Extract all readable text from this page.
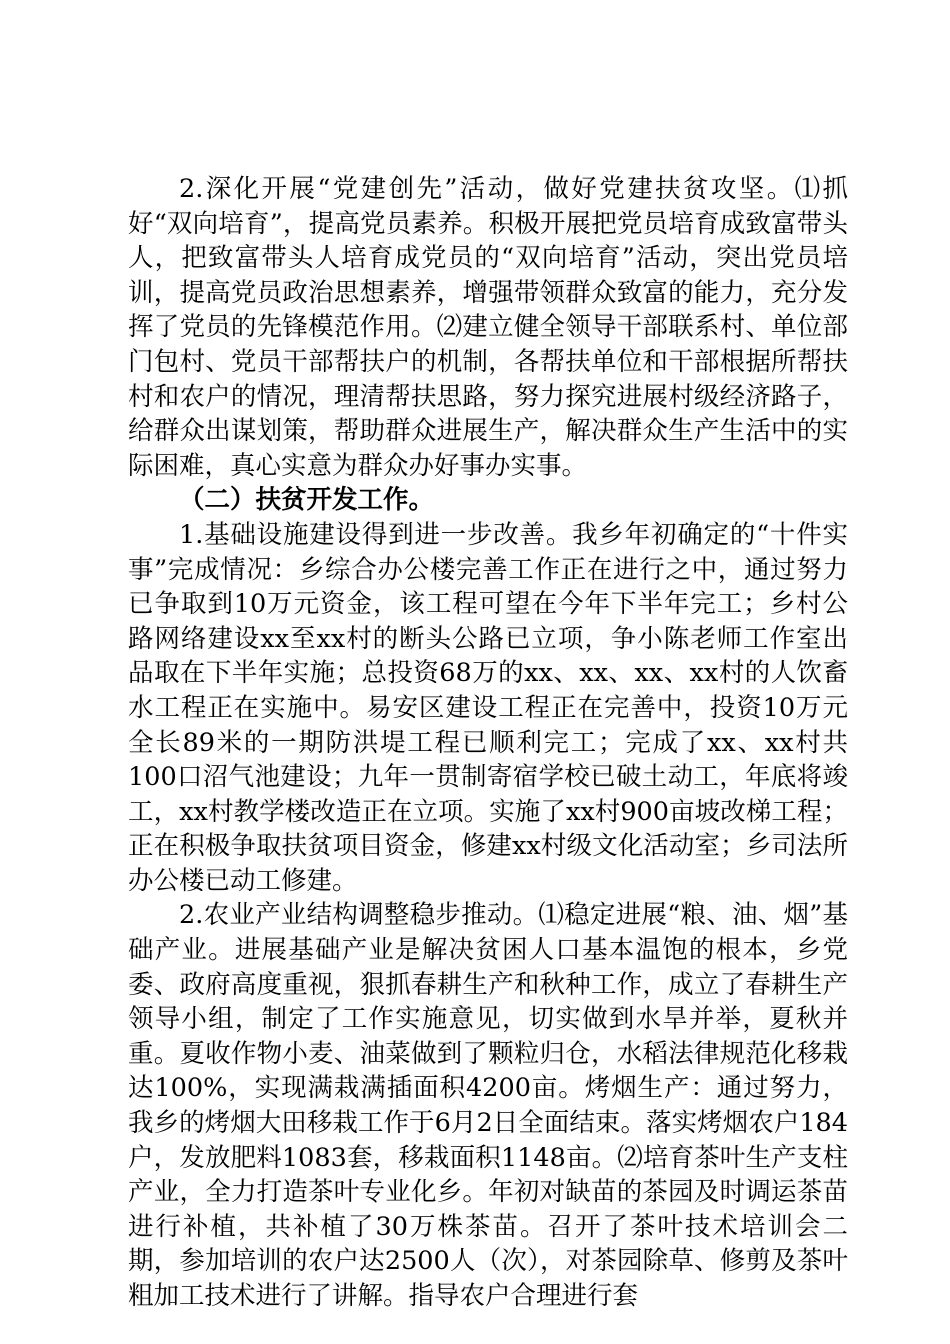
2.深化开展“党建创先”活动，做好党建扶贫攻坚。⑴抓好“双向培育”，提高党员素养。积极开展把党员培育成致富带头人，把致富带头人培育成党员的“双向培育”活动，突出党员培训，提高党员政治思想素养，增强带领群众致富的能力，充分发挥了党员的先锋模范作用。⑵建立健全领导干部联系村、单位部门包村、党员干部帮扶户的机制，各帮扶单位和干部根据所帮扶村和农户的情况，理清帮扶思路，努力探究进展村级经济路子，给群众出谋划策，帮助群众进展生产，解决群众生产生活中的实际困难，真心实意为群众办好事办实事。

（二）扶贫开发工作。

1.基础设施建设得到进一步改善。我乡年初确定的“十件实事”完成情况：乡综合办公楼完善工作正在进行之中，通过努力已争取到10万元资金，该工程可望在今年下半年完工；乡村公路网络建设xx至xx村的断头公路已立项，争小陈老师工作室出品取在下半年实施；总投资68万的xx、xx、xx、xx村的人饮畜水工程正在实施中。易安区建设工程正在完善中，投资10万元全长89米的一期防洪堤工程已顺利完工；完成了xx、xx村共100口沼气池建设；九年一贯制寄宿学校已破土动工，年底将竣工，xx村教学楼改造正在立项。实施了xx村900亩坡改梯工程；正在积极争取扶贫项目资金，修建xx村级文化活动室；乡司法所办公楼已动工修建。

2.农业产业结构调整稳步推动。⑴稳定进展“粮、油、烟”基础产业。进展基础产业是解决贫困人口基本温饱的根本，乡党委、政府高度重视，狠抓春耕生产和秋种工作，成立了春耕生产领导小组，制定了工作实施意见，切实做到水旱并举，夏秋并重。夏收作物小麦、油菜做到了颗粒归仓，水稻法律规范化移栽达100%，实现满栽满插面积4200亩。烤烟生产：通过努力，我乡的烤烟大田移栽工作于6月2日全面结束。落实烤烟农户184户，发放肥料1083套，移栽面积1148亩。⑵培育茶叶生产支柱产业，全力打造茶叶专业化乡。年初对缺苗的茶园及时调运茶苗进行补植，共补植了30万株茶苗。召开了茶叶技术培训会二期，参加培训的农户达2500人（次），对茶园除草、修剪及茶叶粗加工技术进行了讲解。指导农户合理进行套
